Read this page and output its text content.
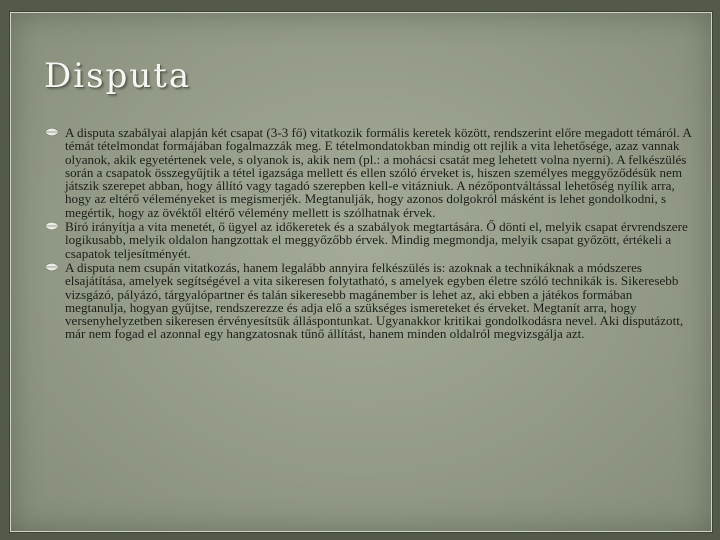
Disputa
A disputa szabályai alapján két csapat (3-3 fő) vitatkozik formális keretek között, rendszerint előre megadott témáról. A témát tételmondat formájában fogalmazzák meg. E tételmondatokban mindig ott rejlik a vita lehetősége, azaz vannak olyanok, akik egyetértenek vele, s olyanok is, akik nem (pl.: a mohácsi csatát meg lehetett volna nyerni). A felkészülés során a csapatok összegyűjtik a tétel igazsága mellett és ellen szóló érveket is, hiszen személyes meggyőződésük nem játszik szerepet abban, hogy állító vagy tagadó szerepben kell-e vitázniuk. A nézőpontváltással lehetőség nyílik arra, hogy az eltérő véleményeket is megismerjék. Megtanulják, hogy azonos dolgokról másként is lehet gondolkodni, s megértik, hogy az övéktől eltérő vélemény mellett is szólhatnak érvek.
Bíró irányítja a vita menetét, ő ügyel az időkeretek és a szabályok megtartására. Ő dönti el, melyik csapat érvrendszere logikusabb, melyik oldalon hangzottak el meggyőzőbb érvek. Mindig megmondja, melyik csapat győzött, értékeli a csapatok teljesítményét.
A disputa nem csupán vitatkozás, hanem legalább annyira felkészülés is: azoknak a technikáknak a módszeres elsajátítása, amelyek segítségével a vita sikeresen folytatható, s amelyek egyben életre szóló technikák is. Sikeresebb vizsgázó, pályázó, tárgyalópartner és talán sikeresebb magánember is lehet az, aki ebben a játékos formában megtanulja, hogyan gyűjtse, rendszerezze és adja elő a szükséges ismereteket és érveket. Megtanít arra, hogy versenyhelyzetben sikeresen érvényesítsük álláspontunkat. Ugyanakkor kritikai gondolkodásra nevel. Aki disputázott, már nem fogad el azonnal egy hangzatosnak tűnő állítást, hanem minden oldalról megvizsgálja azt.
